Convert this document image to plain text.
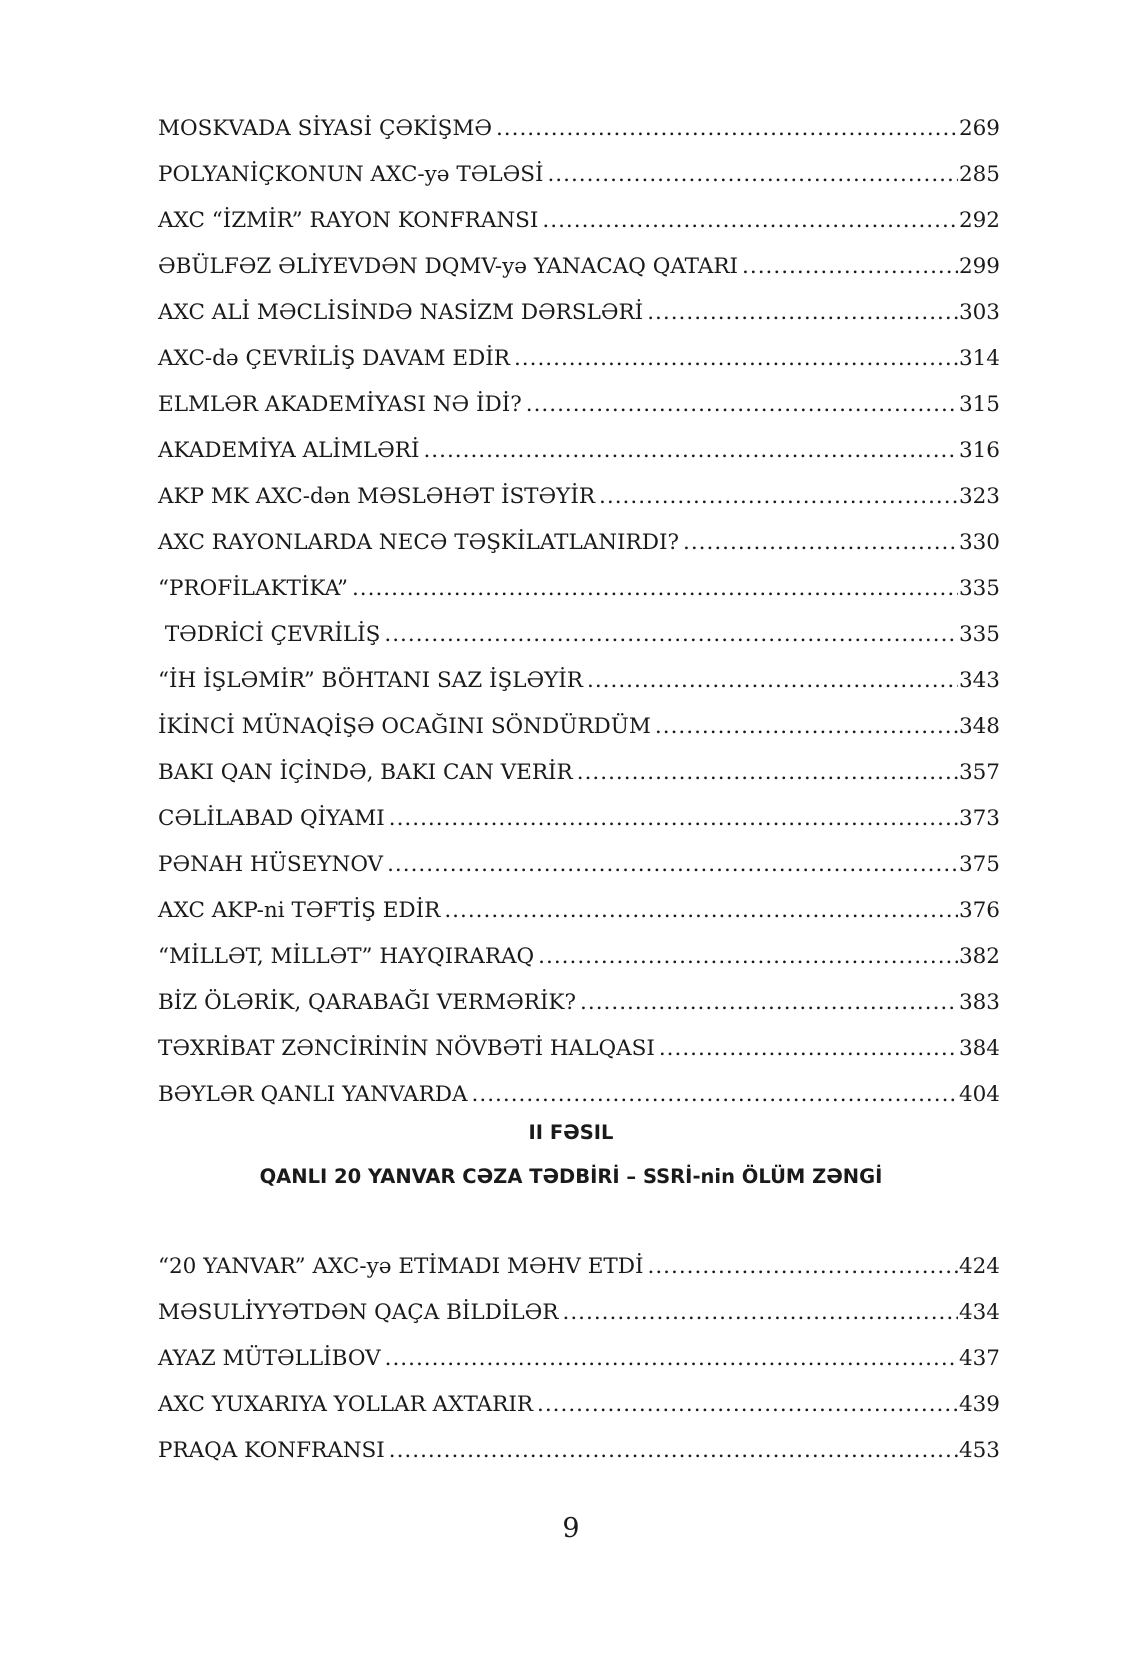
MOSKVADA SİYASİ ÇƏKİŞMƏ .....	269
POLYANİÇKONUN AXC-yə TƏLƏSİ .....	285
AXC “İZMİR” RAYON KONFRANSI .....	292
ƏBÜLFƏZ ƏLİYEVDƏN DQMV-yə YANACAQ QATARI .....	299
AXC ALİ MƏCLİSİNDƏ NASİZM DƏRSLƏRİ .....	303
AXC-də ÇEVRİLİŞ DAVAM EDİR .....	314
ELMLƏR AKADEMİYASI NƏ İDİ? .....	315
AKADEMİYA ALİMLƏRİ .....	316
AKP MK AXC-dən MƏSLƏHƏT İSTƏYİR .....	323
AXC RAYONLARDA NECƏ TƏŞKİLATLANIRDI? .....	330
“PROFİLAKTİKA” .....	335
TƏDRİCİ ÇEVRİLİŞ .....	335
“İH İŞLƏMİR” BÖHTANI SAZ İŞLƏYİR .....	343
İKİNCİ MÜNAQİŞƏ OCAĞINI SÖNDÜRDÜM .....	348
BAKI QAN İÇİNDƏ, BAKI CAN VERİR .....	357
CƏLİLABAD QİYAMI .....	373
PƏNAH HÜSEYNOV .....	375
AXC AKP-ni TƏFTİŞ EDİR .....	376
“MİLLƏT, MİLLƏT” HAYQIRARAQ .....	382
BİZ ÖLƏRİK, QARABAĞI VERMƏRİK? .....	383
TƏXRİBAT ZƏNCİRİNİN NÖVBƏTİ HALQASI .....	384
BƏYLƏR QANLI YANVARDA .....	404
II FƏSIL
QANLI 20 YANVAR CƏZA TƏDBİRİ – SSRİ-nin ÖLÜM ZƏNGİ
“20 YANVAR” AXC-yə ETİMADI MƏHV ETDİ .....	424
MƏSULİYYƏTDƏN QAÇA BİLDİLƏR .....	434
AYAZ MÜTƏLLİBOV .....	437
AXC YUXARIYA YOLLAR AXTARIR .....	439
PRAQA KONFRANSI .....	453
9
